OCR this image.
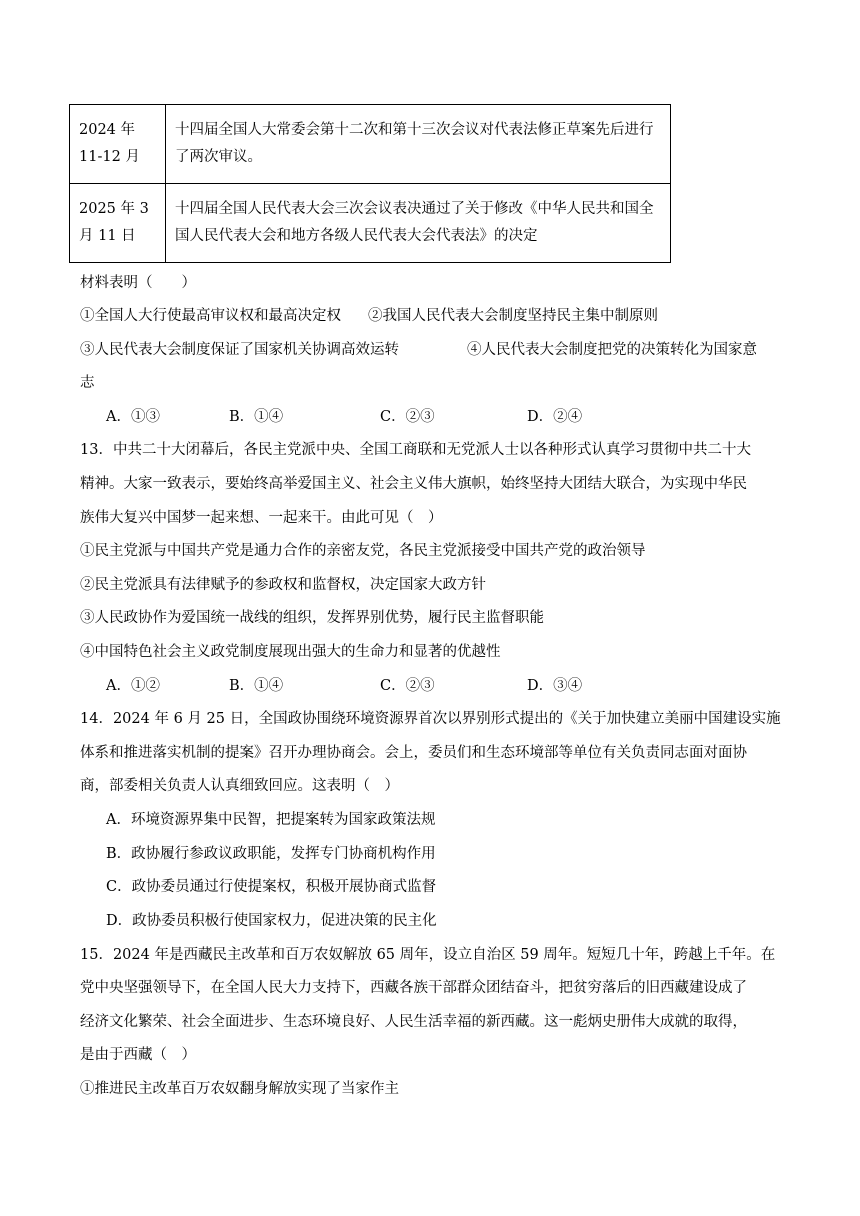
2024 年 11-12 月	十四届全国人大常委会第十二次和第十三次会议对代表法修正草案先后进行了两次审议。
2025 年 3 月 11 日	十四届全国人民代表大会三次会议表决通过了关于修改《中华人民共和国全国人民代表大会和地方各级人民代表大会代表法》的决定
材料表明（　　）
①全国人大行使最高审议权和最高决定权 ②我国人民代表大会制度坚持民主集中制原则
③人民代表大会制度保证了国家机关协调高效运转	④人民代表大会制度把党的决策转化为国家意
志
A．①③	B．①④	C．②③	D．②④
13．中共二十大闭幕后，各民主党派中央、全国工商联和无党派人士以各种形式认真学习贯彻中共二十大
精神。大家一致表示，要始终高举爱国主义、社会主义伟大旗帜，始终坚持大团结大联合，为实现中华民
族伟大复兴中国梦一起来想、一起来干。由此可见（　）
①民主党派与中国共产党是通力合作的亲密友党，各民主党派接受中国共产党的政治领导
②民主党派具有法律赋予的参政权和监督权，决定国家大政方针
③人民政协作为爱国统一战线的组织，发挥界别优势，履行民主监督职能
④中国特色社会主义政党制度展现出强大的生命力和显著的优越性
A．①②	B．①④	C．②③	D．③④
14．2024 年 6 月 25 日，全国政协围绕环境资源界首次以界别形式提出的《关于加快建立美丽中国建设实施
体系和推进落实机制的提案》召开办理协商会。会上，委员们和生态环境部等单位有关负责同志面对面协
商，部委相关负责人认真细致回应。这表明（　）
A．环境资源界集中民智，把提案转为国家政策法规
B．政协履行参政议政职能，发挥专门协商机构作用
C．政协委员通过行使提案权，积极开展协商式监督
D．政协委员积极行使国家权力，促进决策的民主化
15．2024 年是西藏民主改革和百万农奴解放 65 周年，设立自治区 59 周年。短短几十年，跨越上千年。在
党中央坚强领导下，在全国人民大力支持下，西藏各族干部群众团结奋斗，把贫穷落后的旧西藏建设成了
经济文化繁荣、社会全面进步、生态环境良好、人民生活幸福的新西藏。这一彪炳史册伟大成就的取得，
是由于西藏（　）
①推进民主改革百万农奴翻身解放实现了当家作主
